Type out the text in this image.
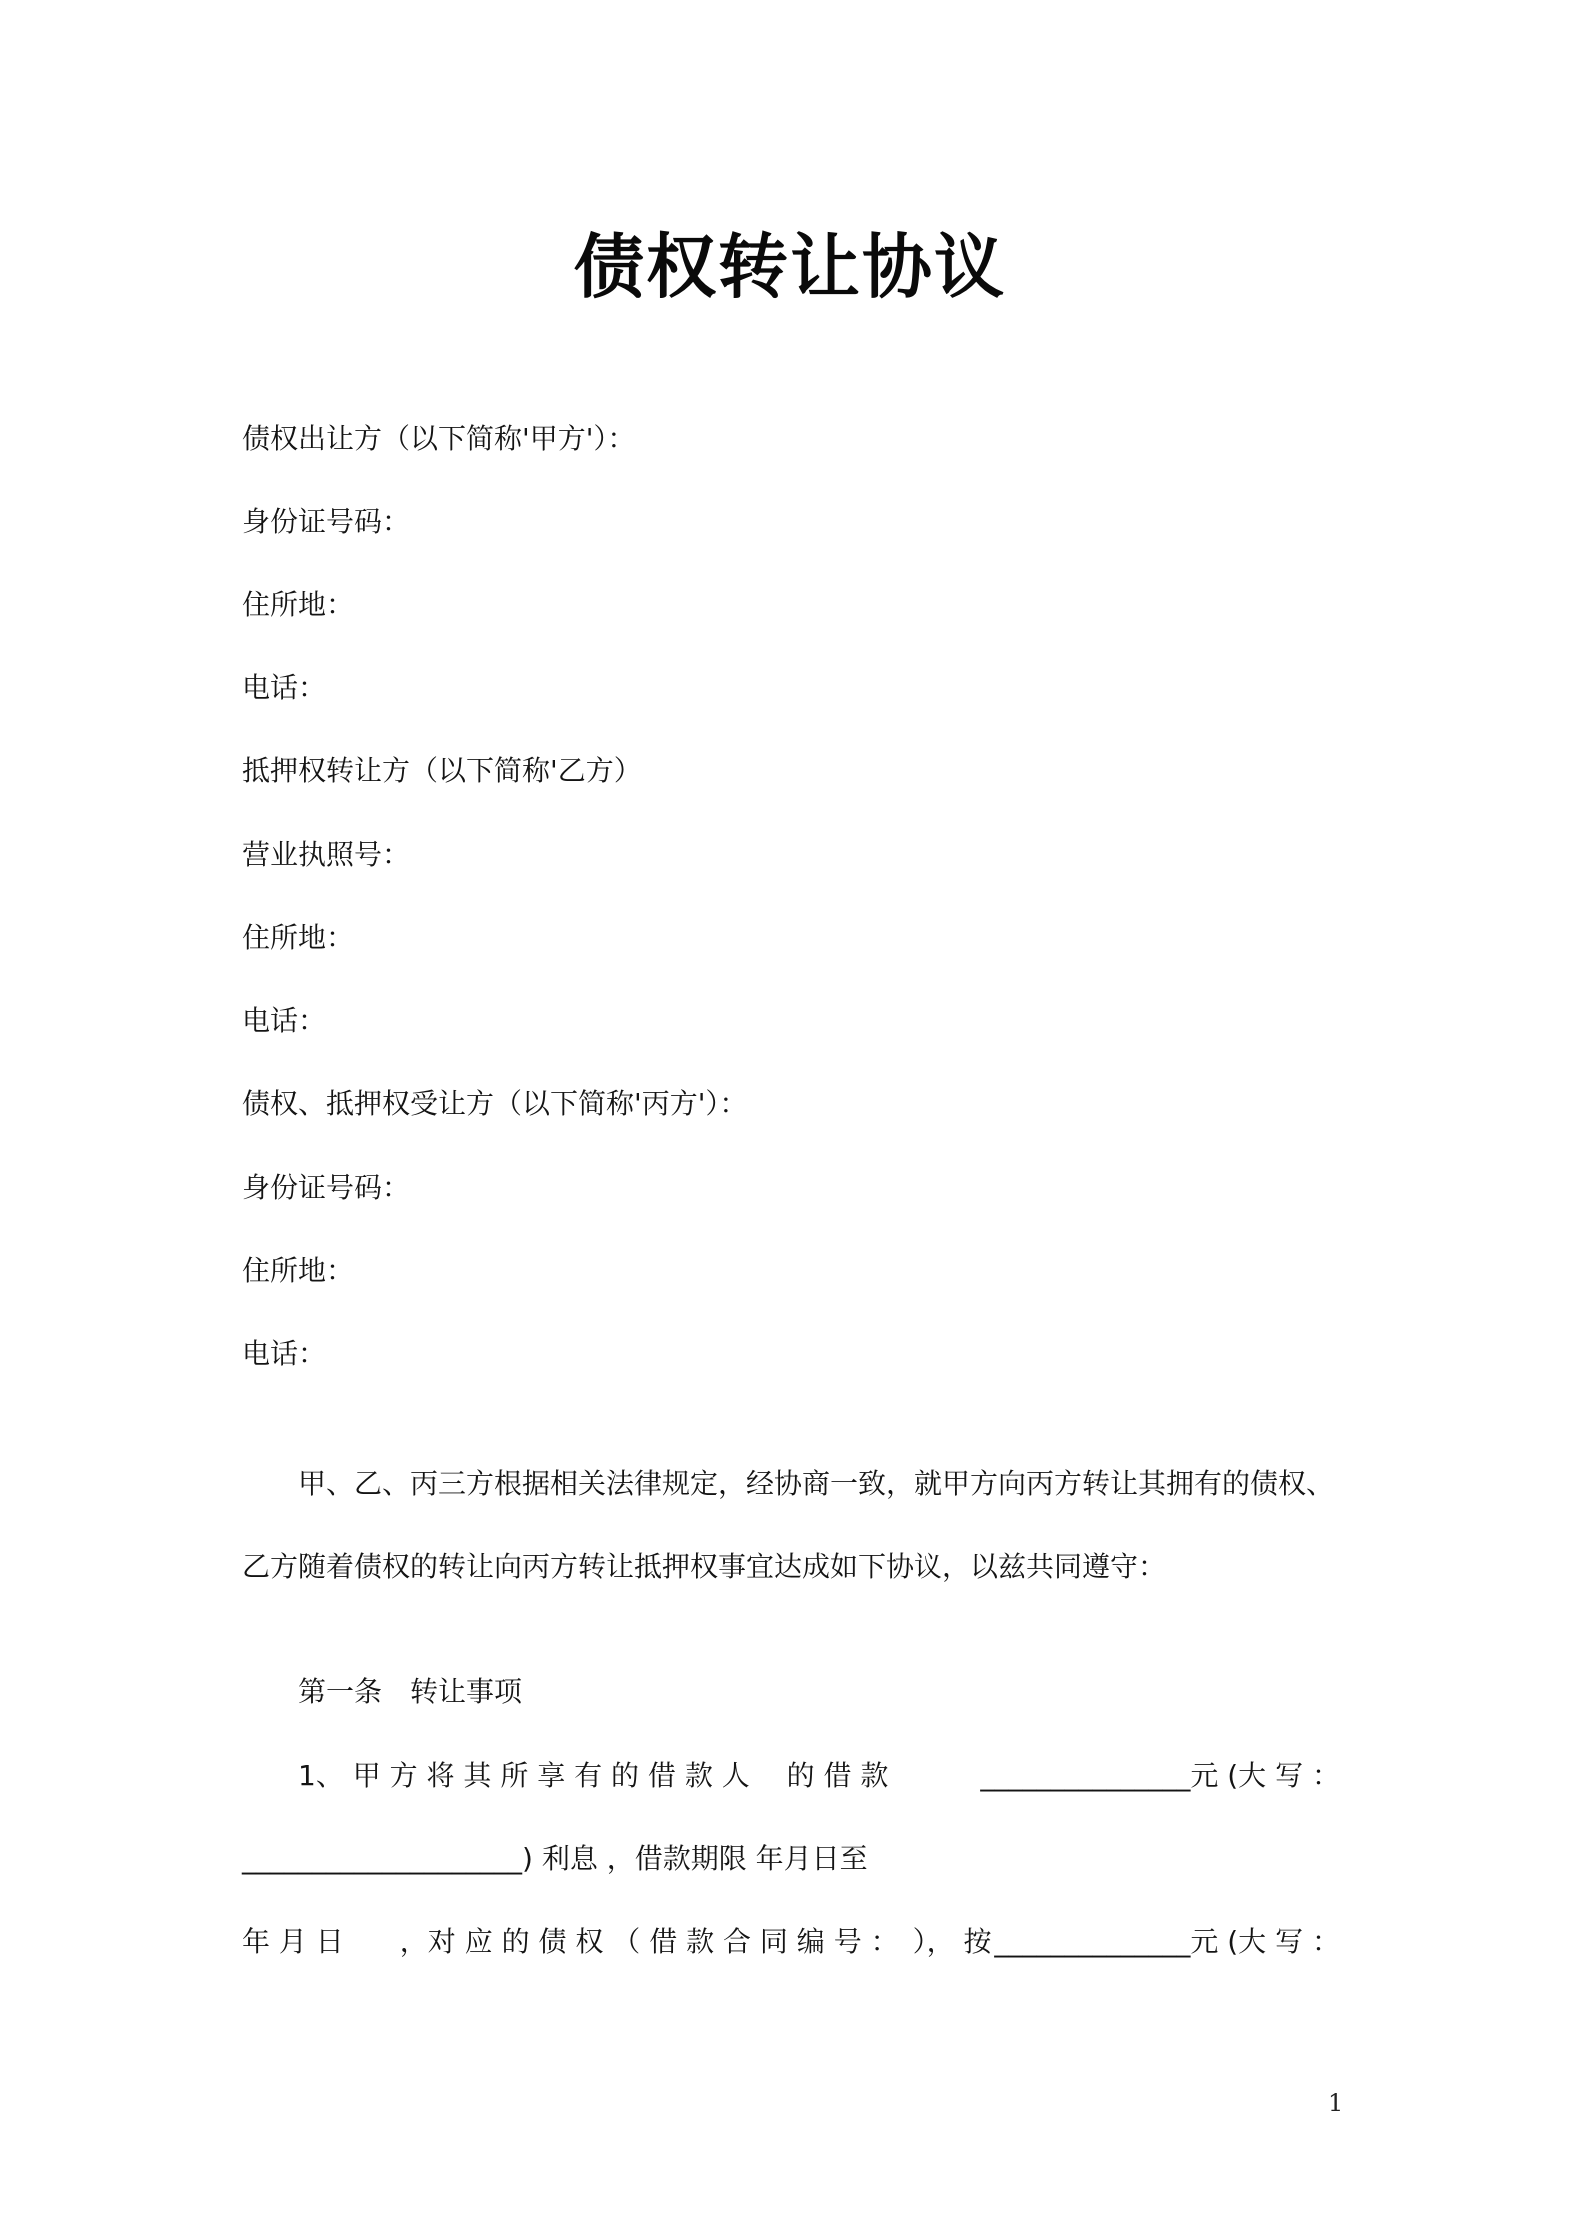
债权转让协议
债权出让方（以下简称'甲方'）：
身份证号码：
住所地：
电话：
抵押权转让方（以下简称'乙方）
营业执照号：
住所地：
电话：
债权、抵押权受让方（以下简称'丙方'）：
身份证号码：
住所地：
电话：
甲、乙、丙三方根据相关法律规定，经协商一致，就甲方向丙方转让其拥有的债权、
乙方随着债权的转让向丙方转让抵押权事宜达成如下协议，以兹共同遵守：
第一条　转让事项
1、 甲 方 将 其 所 享 有 的 借 款 人　 的 借 款	_______________元 (大 写 ：
____________________) 利息 ，借款期限 年月日至
年 月 日　　，对 应 的 债 权 （ 借 款 合 同 编 号 ：　）， 按 ______________元 (大 写 ：
1
